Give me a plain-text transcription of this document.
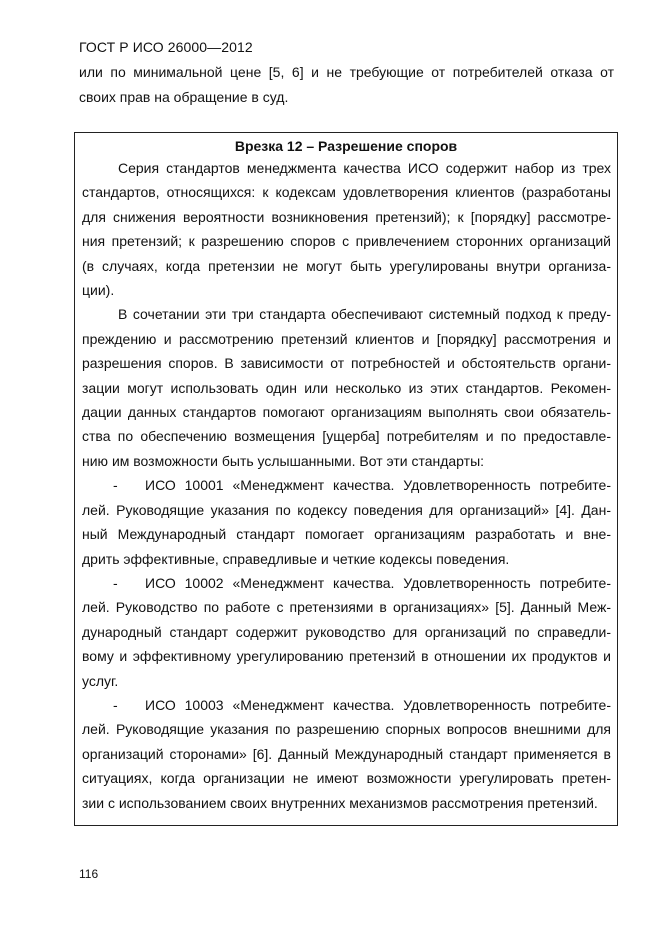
ГОСТ Р ИСО 26000—2012
или по минимальной цене [5, 6] и не требующие от потребителей отказа от
своих прав на обращение в суд.
Врезка 12 – Разрешение споров
Серия стандартов менеджмента качества ИСО содержит набор из трех
стандартов, относящихся: к кодексам удовлетворения клиентов (разработаны
для снижения вероятности возникновения претензий); к [порядку] рассмотре-
ния претензий; к разрешению споров с привлечением сторонних организаций
(в случаях, когда претензии не могут быть урегулированы внутри организа-
ции).
В сочетании эти три стандарта обеспечивают системный подход к преду-
преждению и рассмотрению претензий клиентов и [порядку] рассмотрения и
разрешения споров. В зависимости от потребностей и обстоятельств органи-
зации могут использовать один или несколько из этих стандартов. Рекомен-
дации данных стандартов помогают организациям выполнять свои обязатель-
ства по обеспечению возмещения [ущерба] потребителям и по предоставле-
нию им возможности быть услышанными. Вот эти стандарты:
- ИСО 10001 «Менеджмент качества. Удовлетворенность потребите-
лей. Руководящие указания по кодексу поведения для организаций» [4]. Дан-
ный Международный стандарт помогает организациям разработать и вне-
дрить эффективные, справедливые и четкие кодексы поведения.
- ИСО 10002 «Менеджмент качества. Удовлетворенность потребите-
лей. Руководство по работе с претензиями в организациях» [5]. Данный Меж-
дународный стандарт содержит руководство для организаций по справедли-
вому и эффективному урегулированию претензий в отношении их продуктов и
услуг.
- ИСО 10003 «Менеджмент качества. Удовлетворенность потребите-
лей. Руководящие указания по разрешению спорных вопросов внешними для
организаций сторонами» [6]. Данный Международный стандарт применяется в
ситуациях, когда организации не имеют возможности урегулировать претен-
зии с использованием своих внутренних механизмов рассмотрения претензий.
116
